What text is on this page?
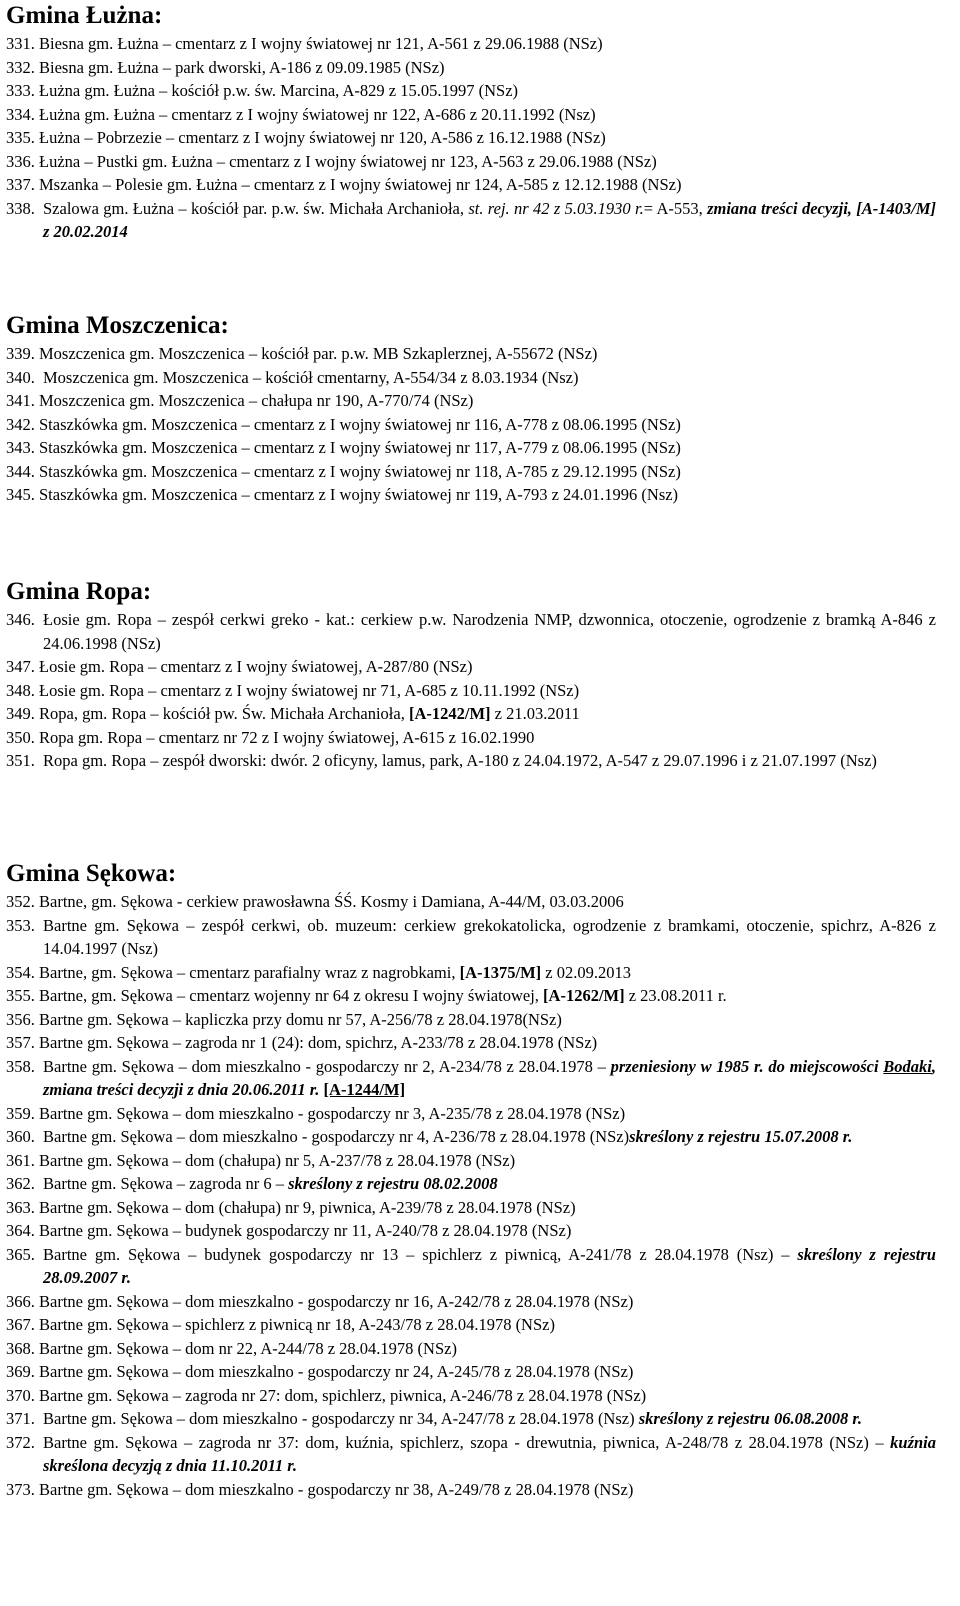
Gmina Łużna:
331. Biesna gm. Łużna – cmentarz z I wojny światowej nr 121, A-561 z 29.06.1988 (NSz)
332. Biesna gm. Łużna – park dworski, A-186 z 09.09.1985 (NSz)
333. Łużna gm. Łużna – kościół p.w. św. Marcina, A-829 z 15.05.1997 (NSz)
334. Łużna gm. Łużna – cmentarz z I wojny światowej nr 122, A-686 z 20.11.1992 (Nsz)
335. Łużna – Pobrzezie – cmentarz z I wojny światowej nr 120, A-586 z 16.12.1988 (NSz)
336. Łużna – Pustki gm. Łużna – cmentarz z I wojny światowej nr 123, A-563 z 29.06.1988 (NSz)
337. Mszanka – Polesie gm. Łużna – cmentarz z I wojny światowej nr 124, A-585 z 12.12.1988 (NSz)
338. Szalowa gm. Łużna – kościół par. p.w. św. Michała Archanioła, st. rej. nr 42 z 5.03.1930 r.= A-553, zmiana treści decyzji, [A-1403/M] z 20.02.2014
Gmina Moszczenica:
339. Moszczenica gm. Moszczenica – kościół par. p.w. MB Szkaplerznej, A-55672 (NSz)
340. Moszczenica gm. Moszczenica – kościół cmentarny, A-554/34 z 8.03.1934 (Nsz)
341. Moszczenica gm. Moszczenica – chałupa nr 190, A-770/74 (NSz)
342. Staszkówka gm. Moszczenica – cmentarz z I wojny światowej nr 116, A-778 z 08.06.1995 (NSz)
343. Staszkówka gm. Moszczenica – cmentarz z I wojny światowej nr 117, A-779 z 08.06.1995 (NSz)
344. Staszkówka gm. Moszczenica – cmentarz z I wojny światowej nr 118, A-785 z 29.12.1995 (NSz)
345. Staszkówka gm. Moszczenica – cmentarz z I wojny światowej nr 119, A-793 z 24.01.1996 (Nsz)
Gmina Ropa:
346. Łosie gm. Ropa – zespół cerkwi greko - kat.: cerkiew p.w. Narodzenia NMP, dzwonnica, otoczenie, ogrodzenie z bramką A-846 z 24.06.1998 (NSz)
347. Łosie gm. Ropa – cmentarz z I wojny światowej, A-287/80 (NSz)
348. Łosie gm. Ropa – cmentarz z I wojny światowej nr 71, A-685 z 10.11.1992 (NSz)
349. Ropa, gm. Ropa – kościół pw. Św. Michała Archanioła, [A-1242/M] z 21.03.2011
350. Ropa gm. Ropa – cmentarz nr 72 z I wojny światowej, A-615 z 16.02.1990
351. Ropa gm. Ropa – zespół dworski: dwór. 2 oficyny, lamus, park, A-180 z 24.04.1972, A-547 z 29.07.1996 i z 21.07.1997 (Nsz)
Gmina Sękowa:
352. Bartne, gm. Sękowa - cerkiew prawosławna ŚŚ. Kosmy i Damiana, A-44/M, 03.03.2006
353. Bartne gm. Sękowa – zespół cerkwi, ob. muzeum: cerkiew grekokatolicka, ogrodzenie z bramkami, otoczenie, spichrz, A-826 z 14.04.1997 (Nsz)
354. Bartne, gm. Sękowa – cmentarz parafialny wraz z nagrobkami, [A-1375/M] z 02.09.2013
355. Bartne, gm. Sękowa – cmentarz wojenny nr 64 z okresu I wojny światowej, [A-1262/M] z 23.08.2011 r.
356. Bartne gm. Sękowa – kapliczka przy domu nr 57, A-256/78 z 28.04.1978(NSz)
357. Bartne gm. Sękowa – zagroda nr 1 (24): dom, spichrz, A-233/78 z 28.04.1978 (NSz)
358. Bartne gm. Sękowa – dom mieszkalno - gospodarczy nr 2, A-234/78 z 28.04.1978 – przeniesiony w 1985 r. do miejscowości Bodaki, zmiana treści decyzji z dnia 20.06.2011 r. [A-1244/M]
359. Bartne gm. Sękowa – dom mieszkalno - gospodarczy nr 3, A-235/78 z 28.04.1978 (NSz)
360. Bartne gm. Sękowa – dom mieszkalno - gospodarczy nr 4, A-236/78 z 28.04.1978 (NSz)skreślony z rejestru 15.07.2008 r.
361. Bartne gm. Sękowa – dom (chałupa) nr 5, A-237/78 z 28.04.1978 (NSz)
362. Bartne gm. Sękowa – zagroda nr 6 – skreślony z rejestru 08.02.2008
363. Bartne gm. Sękowa – dom (chałupa) nr 9, piwnica, A-239/78 z 28.04.1978 (NSz)
364. Bartne gm. Sękowa – budynek gospodarczy nr 11, A-240/78 z 28.04.1978 (NSz)
365. Bartne gm. Sękowa – budynek gospodarczy nr 13 – spichlerz z piwnicą, A-241/78 z 28.04.1978 (Nsz) – skreślony z rejestru 28.09.2007 r.
366. Bartne gm. Sękowa – dom mieszkalno - gospodarczy nr 16, A-242/78 z 28.04.1978 (NSz)
367. Bartne gm. Sękowa – spichlerz z piwnicą nr 18, A-243/78 z 28.04.1978 (NSz)
368. Bartne gm. Sękowa – dom nr 22, A-244/78 z 28.04.1978 (NSz)
369. Bartne gm. Sękowa – dom mieszkalno - gospodarczy nr 24, A-245/78 z 28.04.1978 (NSz)
370. Bartne gm. Sękowa – zagroda nr 27: dom, spichlerz, piwnica, A-246/78 z 28.04.1978 (NSz)
371. Bartne gm. Sękowa – dom mieszkalno - gospodarczy nr 34, A-247/78 z 28.04.1978 (Nsz) skreślony z rejestru 06.08.2008 r.
372. Bartne gm. Sękowa – zagroda nr 37: dom, kuźnia, spichlerz, szopa - drewutnia, piwnica, A-248/78 z 28.04.1978 (NSz) – kuźnia skreślona decyzją z dnia 11.10.2011 r.
373. Bartne gm. Sękowa – dom mieszkalno - gospodarczy nr 38, A-249/78 z 28.04.1978 (NSz)
